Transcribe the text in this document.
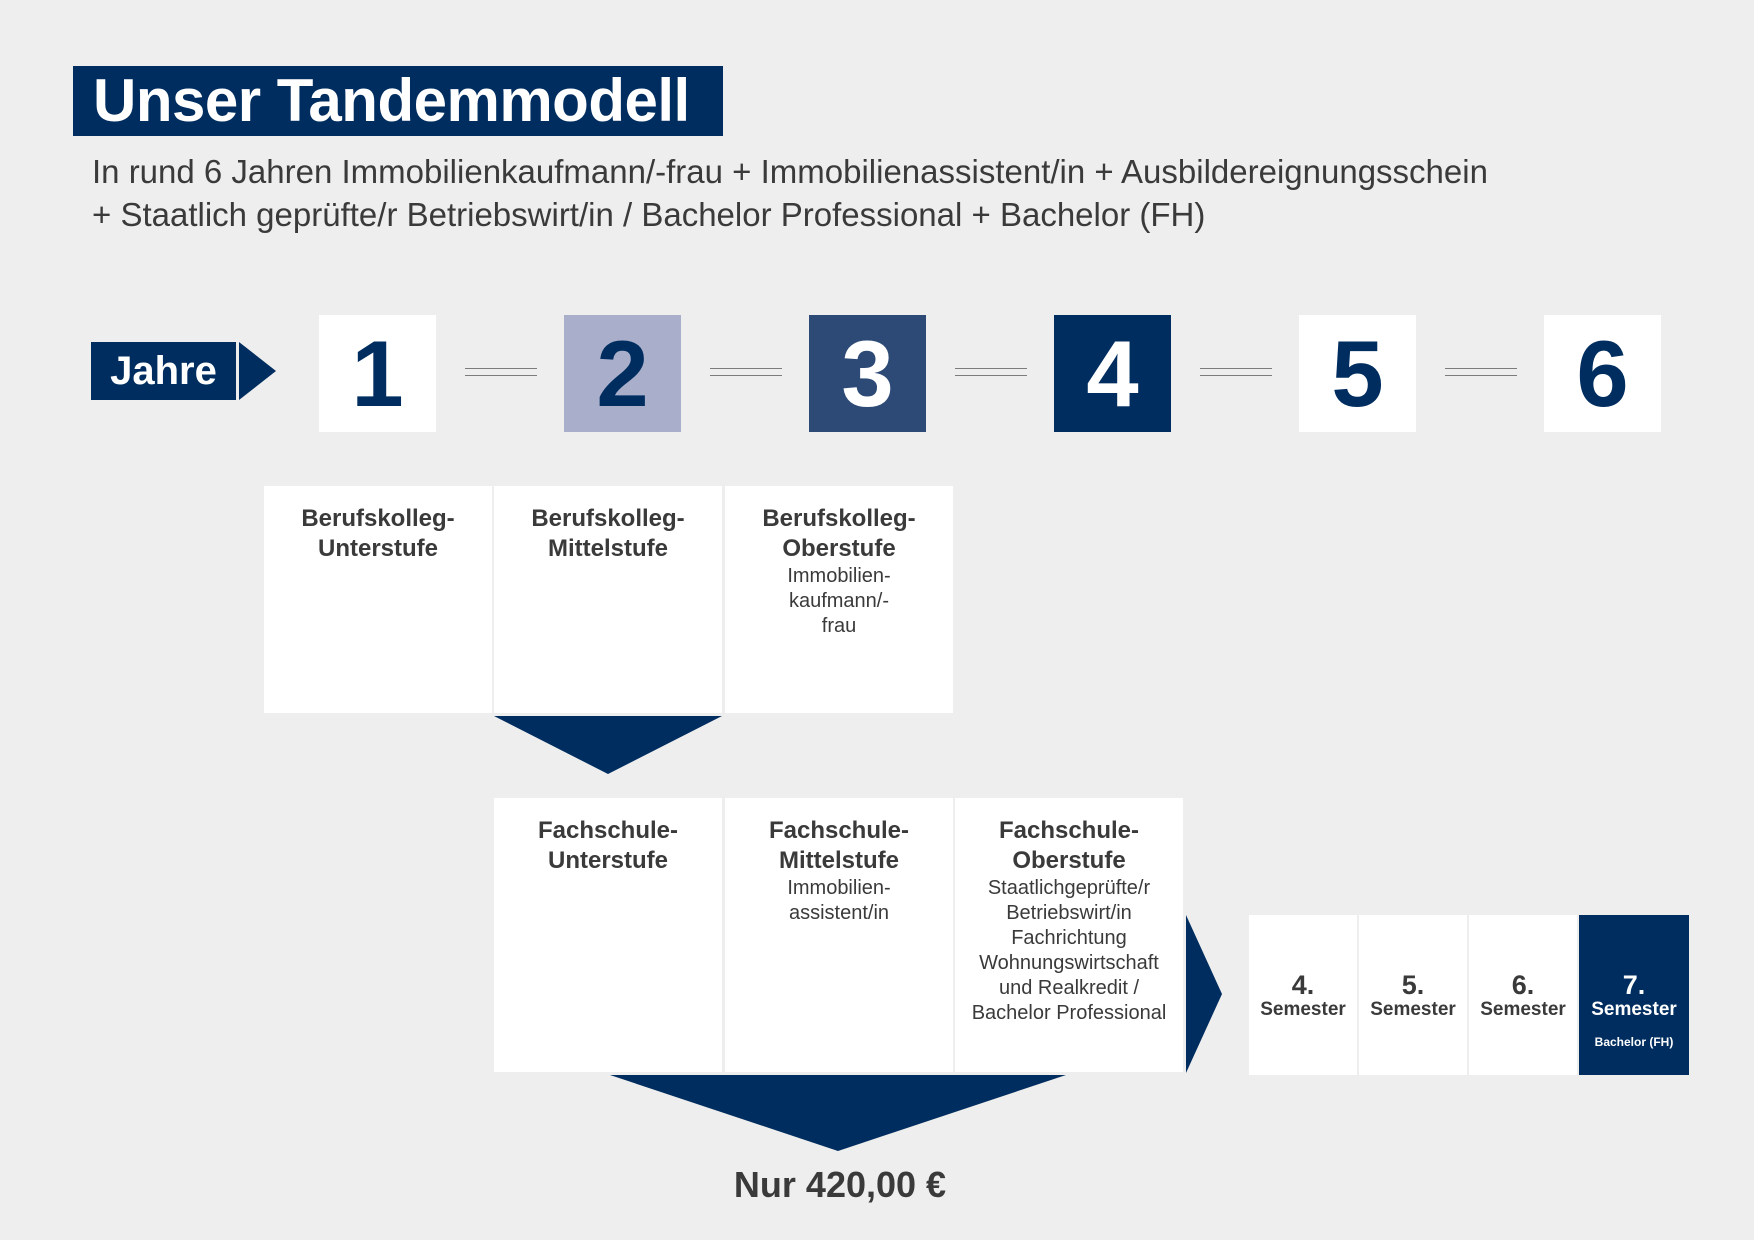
Unser Tandemmodell
In rund 6 Jahren Immobilienkaufmann/-frau + Immobilienassistent/in + Ausbildereignungsschein
+ Staatlich geprüfte/r Betriebswirt/in / Bachelor Professional + Bachelor (FH)
Jahre	1	2	3	4	5	6
Berufskolleg-
Unterstufe
Berufskolleg-
Mittelstufe
Berufskolleg-
Oberstufe
Immobilien-
kaufmann/-
frau
Fachschule-
Unterstufe
Fachschule-
Mittelstufe
Immobilien-
assistent/in
Fachschule-
Oberstufe
Staatlichgeprüfte/r
Betriebswirt/in
Fachrichtung
Wohnungswirtschaft
und Realkredit /
Bachelor Professional
4.
Semester
5.
Semester
6.
Semester
7.
Semester
Bachelor (FH)
Nur 420,00 €
